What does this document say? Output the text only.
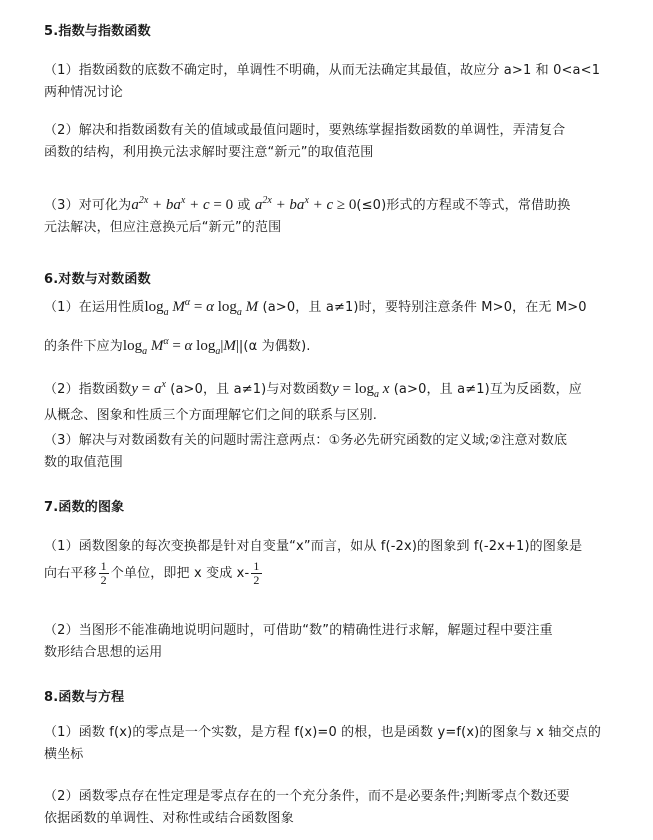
5.指数与指数函数
（1）指数函数的底数不确定时，单调性不明确，从而无法确定其最值，故应分 a>1 和 0<a<1
两种情况讨论
（2）解决和指数函数有关的值域或最值问题时，要熟练掌握指数函数的单调性，弄清复合
函数的结构，利用换元法求解时要注意“新元”的取值范围
（3）对可化为$a^{2x} + ba^x + c = 0$ 或 $a^{2x} + ba^x + c \ge 0(\le 0)$形式的方程或不等式，常借助换
元法解决，但应注意换元后“新元”的范围
6.对数与对数函数
（1）在运用性质$\log_a M^\alpha = \alpha$ $\log_a M$ (a>0，且 a≠1)时，要特别注意条件 M>0，在无 M>0
的条件下应为$\log_a M^\alpha = \alpha$ $\log_a|M||(\alpha$ 为偶数).
（2）指数函数$y = a^x$ (a>0，且 a≠1)与对数函数$y = \log_a x$ (a>0，且 a≠1)互为反函数，应
从概念、图象和性质三个方面理解它们之间的联系与区别.
（3）解决与对数函数有关的问题时需注意两点：①务必先研究函数的定义域;②注意对数底
数的取值范围
7.函数的图象
（1）函数图象的每次变换都是针对自变量“x”而言，如从 f(-2x)的图象到 f(-2x+1)的图象是
向右平移 $\frac{1}{2}$ 个单位，即把 x 变成 $x- \frac{1}{2}$
（2）当图形不能准确地说明问题时，可借助“数”的精确性进行求解，解题过程中要注重
数形结合思想的运用
8.函数与方程
（1）函数 f(x)的零点是一个实数，是方程 f(x)=0 的根，也是函数 y=f(x)的图象与 x 轴交点的
横坐标
（2）函数零点存在性定理是零点存在的一个充分条件，而不是必要条件;判断零点个数还要
依据函数的单调性、对称性或结合函数图象
